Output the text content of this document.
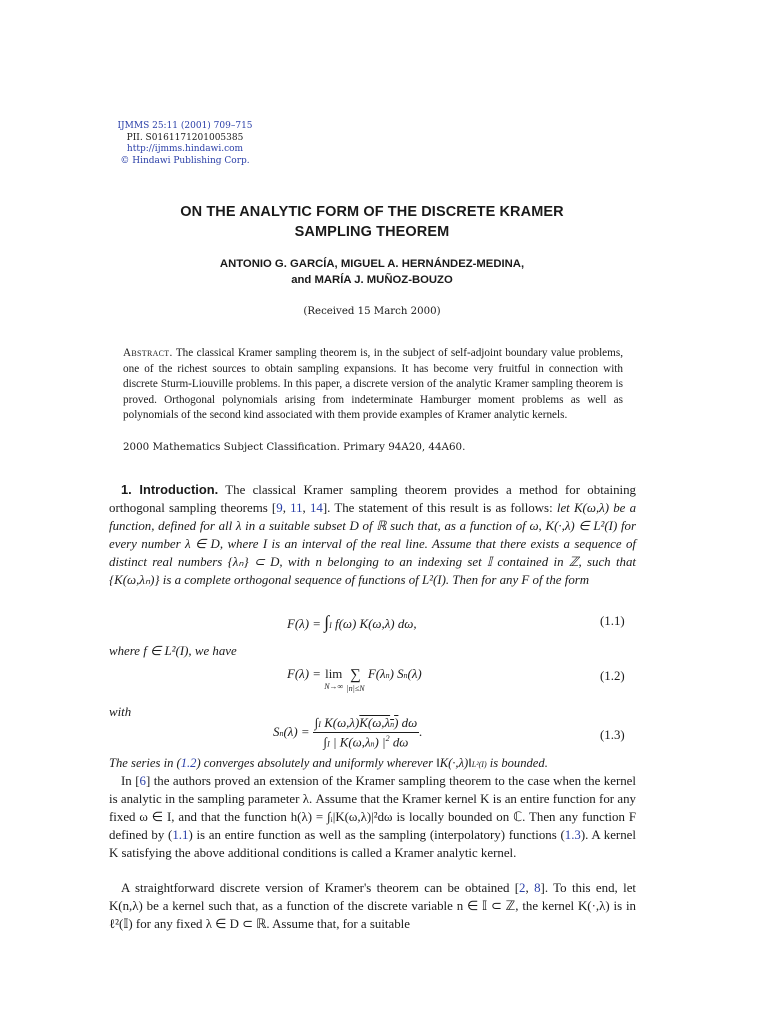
IJMMS 25:11 (2001) 709–715
PII. S0161171201005385
http://ijmms.hindawi.com
© Hindawi Publishing Corp.
ON THE ANALYTIC FORM OF THE DISCRETE KRAMER
SAMPLING THEOREM
ANTONIO G. GARCÍA, MIGUEL A. HERNÁNDEZ-MEDINA,
and MARÍA J. MUÑOZ-BOUZO
(Received 15 March 2000)
Abstract. The classical Kramer sampling theorem is, in the subject of self-adjoint boundary value problems, one of the richest sources to obtain sampling expansions. It has become very fruitful in connection with discrete Sturm-Liouville problems. In this paper, a discrete version of the analytic Kramer sampling theorem is proved. Orthogonal polynomials arising from indeterminate Hamburger moment problems as well as polynomials of the second kind associated with them provide examples of Kramer analytic kernels.
2000 Mathematics Subject Classification. Primary 94A20, 44A60.
1. Introduction. The classical Kramer sampling theorem provides a method for obtaining orthogonal sampling theorems [9, 11, 14]. The statement of this result is as follows: let K(ω,λ) be a function, defined for all λ in a suitable subset D of ℝ such that, as a function of ω, K(·,λ) ∈ L²(I) for every number λ ∈ D, where I is an interval of the real line. Assume that there exists a sequence of distinct real numbers {λₙ} ⊂ D, with n belonging to an indexing set 𝕀 contained in ℤ, such that {K(ω,λₙ)} is a complete orthogonal sequence of functions of L²(I). Then for any F of the form
F(λ) = ∫I f(ω) K(ω,λ) dω,	(1.1)
where f ∈ L²(I), we have
F(λ) = lim
N→∞
∑
|n|≤N
F(λn) Sn(λ)	(1.2)
with
$Sn(\lambda) = \frac{\text{∫I K(ω,λ)K(ω,λn) dω}}{\int I | K(\omega,\lambda n) |^2 d\omega}$ .	(1.3)
The series in (1.2) converges absolutely and uniformly wherever ‖K(·,λ)‖L²(I) is bounded.
In [6] the authors proved an extension of the Kramer sampling theorem to the case when the kernel is analytic in the sampling parameter λ. Assume that the Kramer kernel K is an entire function for any fixed ω ∈ I, and that the function h(λ) = ∫ᵢ|K(ω,λ)|²dω is locally bounded on ℂ. Then any function F defined by (1.1) is an entire function as well as the sampling (interpolatory) functions (1.3). A kernel K satisfying the above additional conditions is called a Kramer analytic kernel.
A straightforward discrete version of Kramer's theorem can be obtained [2, 8]. To this end, let K(n,λ) be a kernel such that, as a function of the discrete variable n ∈ 𝕀 ⊂ ℤ, the kernel K(·,λ) is in ℓ²(𝕀) for any fixed λ ∈ D ⊂ ℝ. Assume that, for a suitable
